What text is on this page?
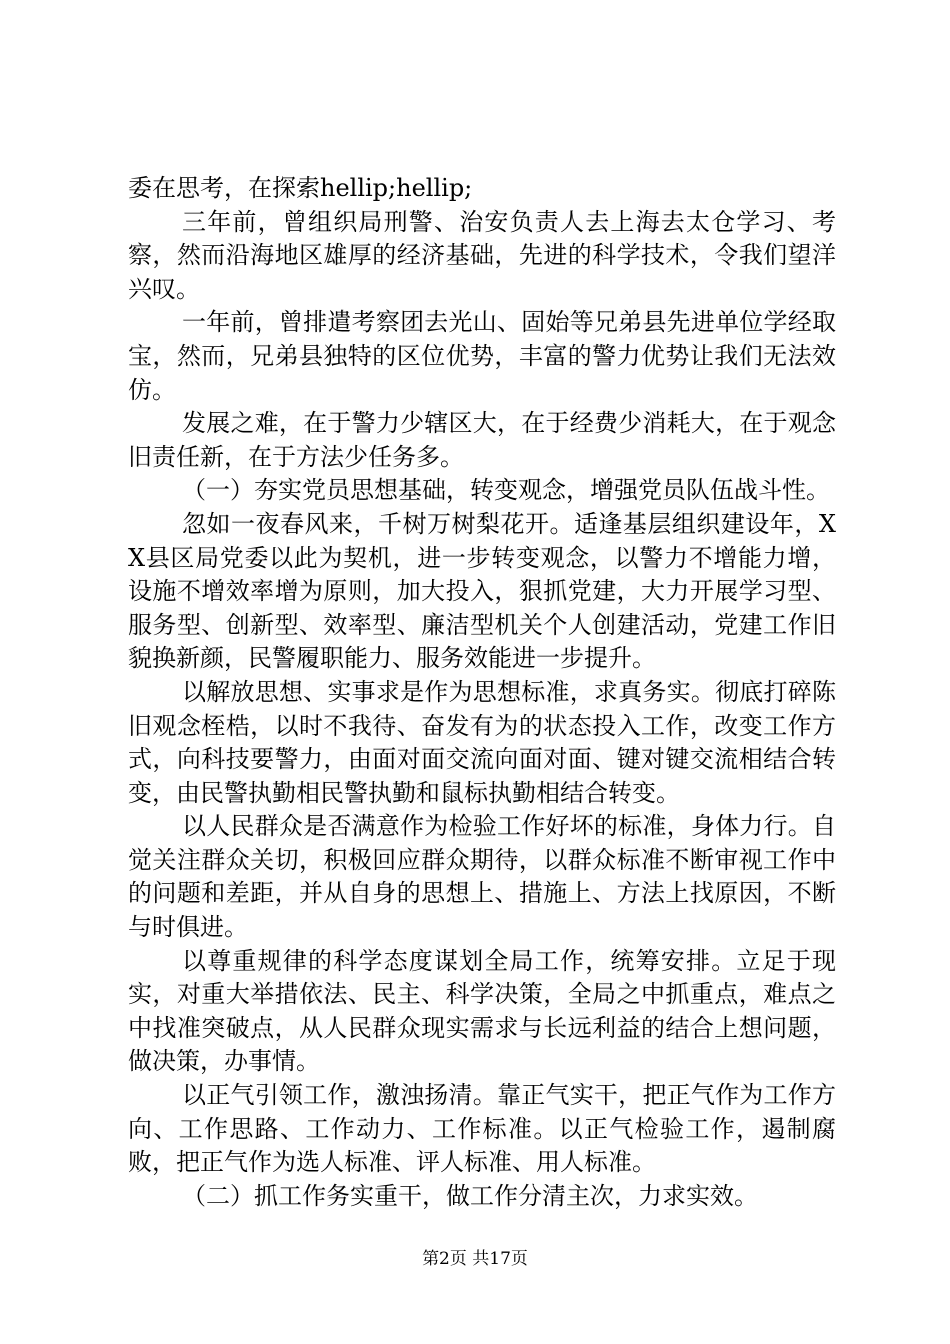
委在思考，在探索hellip;hellip;

三年前，曾组织局刑警、治安负责人去上海去太仓学习、考察，然而沿海地区雄厚的经济基础，先进的科学技术，令我们望洋兴叹。

一年前，曾排遣考察团去光山、固始等兄弟县先进单位学经取宝，然而，兄弟县独特的区位优势，丰富的警力优势让我们无法效仿。

发展之难，在于警力少辖区大，在于经费少消耗大，在于观念旧责任新，在于方法少任务多。

（一）夯实党员思想基础，转变观念，增强党员队伍战斗性。

忽如一夜春风来，千树万树梨花开。适逢基层组织建设年，XX县区局党委以此为契机，进一步转变观念，以警力不增能力增，设施不增效率增为原则，加大投入，狠抓党建，大力开展学习型、服务型、创新型、效率型、廉洁型机关个人创建活动，党建工作旧貌换新颜，民警履职能力、服务效能进一步提升。

以解放思想、实事求是作为思想标准，求真务实。彻底打碎陈旧观念桎梏，以时不我待、奋发有为的状态投入工作，改变工作方式，向科技要警力，由面对面交流向面对面、键对键交流相结合转变，由民警执勤相民警执勤和鼠标执勤相结合转变。

以人民群众是否满意作为检验工作好坏的标准，身体力行。自觉关注群众关切，积极回应群众期待，以群众标准不断审视工作中的问题和差距，并从自身的思想上、措施上、方法上找原因，不断与时俱进。

以尊重规律的科学态度谋划全局工作，统筹安排。立足于现实，对重大举措依法、民主、科学决策，全局之中抓重点，难点之中找准突破点，从人民群众现实需求与长远利益的结合上想问题，做决策，办事情。

以正气引领工作，激浊扬清。靠正气实干，把正气作为工作方向、工作思路、工作动力、工作标准。以正气检验工作，遏制腐败，把正气作为选人标准、评人标准、用人标准。

（二）抓工作务实重干，做工作分清主次，力求实效。

第2页 共17页
